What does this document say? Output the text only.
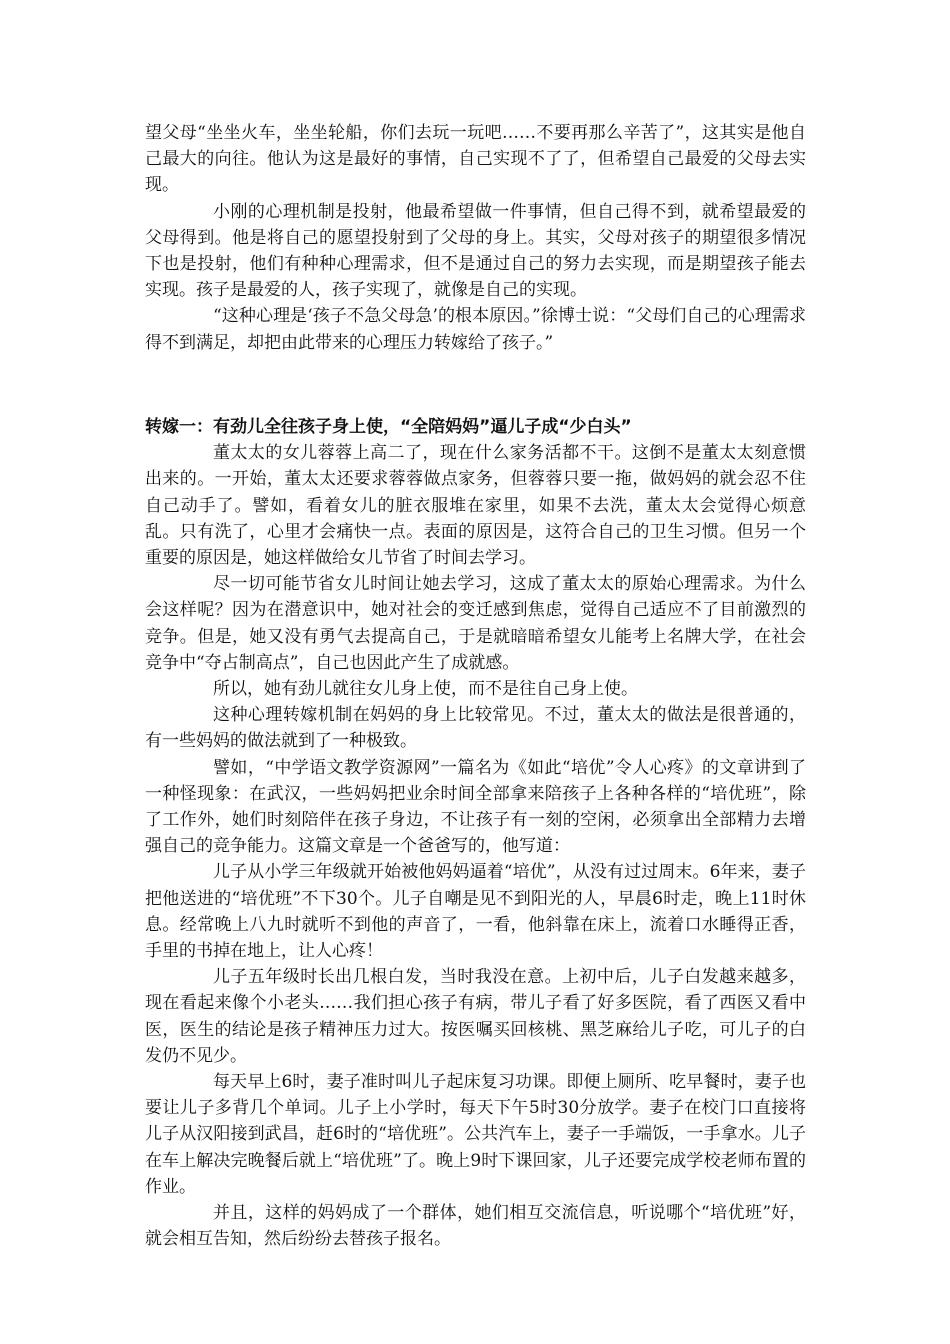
望父母“坐坐火车，坐坐轮船，你们去玩一玩吧……不要再那么辛苦了”，这其实是他自己最大的向往。他认为这是最好的事情，自己实现不了了，但希望自己最爱的父母去实现。

小刚的心理机制是投射，他最希望做一件事情，但自己得不到，就希望最爱的父母得到。他是将自己的愿望投射到了父母的身上。其实，父母对孩子的期望很多情况下也是投射，他们有种种心理需求，但不是通过自己的努力去实现，而是期望孩子能去实现。孩子是最爱的人，孩子实现了，就像是自己的实现。

“这种心理是‘孩子不急父母急’的根本原因。”徐博士说：“父母们自己的心理需求得不到满足，却把由此带来的心理压力转嫁给了孩子。”

转嫁一：有劲儿全往孩子身上使，“全陪妈妈”逼儿子成“少白头”

董太太的女儿蓉蓉上高二了，现在什么家务活都不干。这倒不是董太太刻意惯出来的。一开始，董太太还要求蓉蓉做点家务，但蓉蓉只要一拖，做妈妈的就会忍不住自己动手了。譬如，看着女儿的脏衣服堆在家里，如果不去洗，董太太会觉得心烦意乱。只有洗了，心里才会痛快一点。表面的原因是，这符合自己的卫生习惯。但另一个重要的原因是，她这样做给女儿节省了时间去学习。

尽一切可能节省女儿时间让她去学习，这成了董太太的原始心理需求。为什么会这样呢？因为在潜意识中，她对社会的变迁感到焦虑，觉得自己适应不了目前激烈的竞争。但是，她又没有勇气去提高自己，于是就暗暗希望女儿能考上名牌大学，在社会竞争中“夺占制高点”，自己也因此产生了成就感。

所以，她有劲儿就往女儿身上使，而不是往自己身上使。

这种心理转嫁机制在妈妈的身上比较常见。不过，董太太的做法是很普通的，有一些妈妈的做法就到了一种极致。

譬如，“中学语文教学资源网”一篇名为《如此“培优”令人心疼》的文章讲到了一种怪现象：在武汉，一些妈妈把业余时间全部拿来陪孩子上各种各样的“培优班”，除了工作外，她们时刻陪伴在孩子身边，不让孩子有一刻的空闲，必须拿出全部精力去增强自己的竞争能力。这篇文章是一个爸爸写的，他写道：

儿子从小学三年级就开始被他妈妈逼着“培优”，从没有过过周末。6年来，妻子把他送进的“培优班”不下30个。儿子自嘲是见不到阳光的人，早晨6时走，晚上11时休息。经常晚上八九时就听不到他的声音了，一看，他斜靠在床上，流着口水睡得正香，手里的书掉在地上，让人心疼！

儿子五年级时长出几根白发，当时我没在意。上初中后，儿子白发越来越多，现在看起来像个小老头……我们担心孩子有病，带儿子看了好多医院，看了西医又看中医，医生的结论是孩子精神压力过大。按医嘱买回核桃、黑芝麻给儿子吃，可儿子的白发仍不见少。

每天早上6时，妻子准时叫儿子起床复习功课。即便上厕所、吃早餐时，妻子也要让儿子多背几个单词。儿子上小学时，每天下午5时30分放学。妻子在校门口直接将儿子从汉阳接到武昌，赶6时的“培优班”。公共汽车上，妻子一手端饭，一手拿水。儿子在车上解决完晚餐后就上“培优班”了。晚上9时下课回家，儿子还要完成学校老师布置的作业。

并且，这样的妈妈成了一个群体，她们相互交流信息，听说哪个“培优班”好，就会相互告知，然后纷纷去替孩子报名。
